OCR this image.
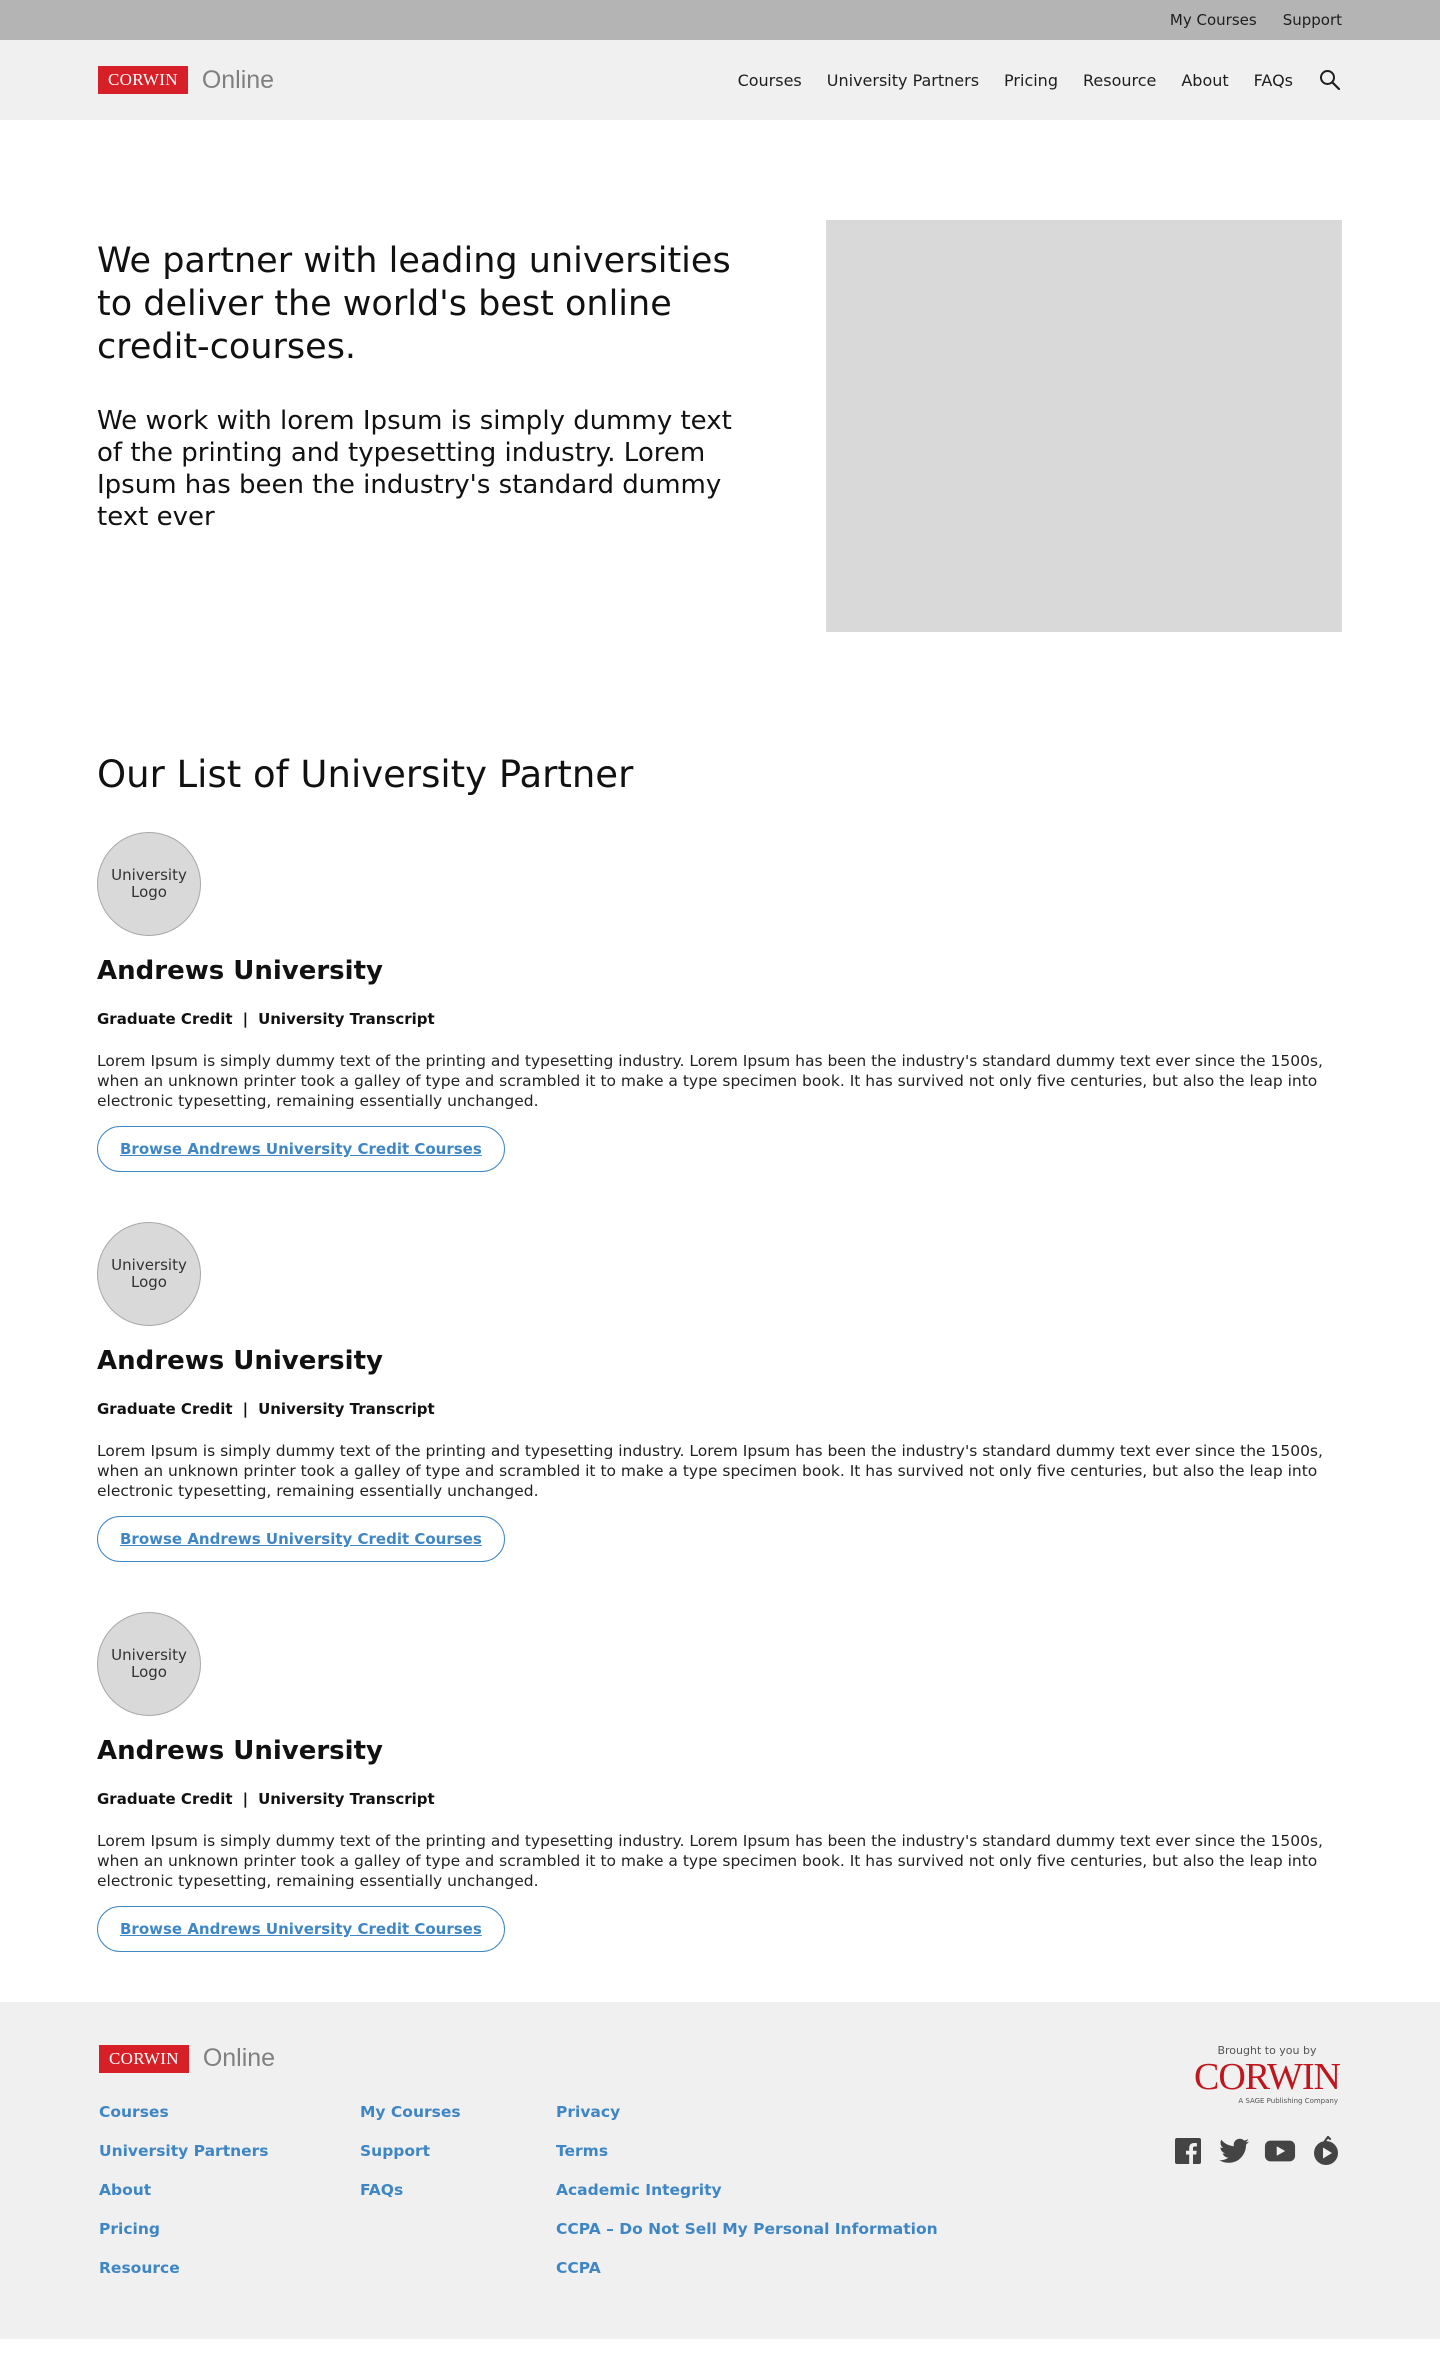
My Courses Support
CORWIN Online	Courses University Partners Pricing Resource About FAQs
We partner with leading universities to deliver the world's best online credit-courses.

We work with lorem Ipsum is simply dummy text of the printing and typesetting industry. Lorem Ipsum has been the industry's standard dummy text ever

Our List of University Partner
University Logo
Andrews University
Graduate Credit | University Transcript

Lorem Ipsum is simply dummy text of the printing and typesetting industry. Lorem Ipsum has been the industry's standard dummy text ever since the 1500s, when an unknown printer took a galley of type and scrambled it to make a type specimen book. It has survived not only five centuries, but also the leap into electronic typesetting, remaining essentially unchanged.

Browse Andrews University Credit Courses
University Logo
Andrews University
Graduate Credit | University Transcript

Lorem Ipsum is simply dummy text of the printing and typesetting industry. Lorem Ipsum has been the industry's standard dummy text ever since the 1500s, when an unknown printer took a galley of type and scrambled it to make a type specimen book. It has survived not only five centuries, but also the leap into electronic typesetting, remaining essentially unchanged.

Browse Andrews University Credit Courses
University Logo
Andrews University
Graduate Credit | University Transcript

Lorem Ipsum is simply dummy text of the printing and typesetting industry. Lorem Ipsum has been the industry's standard dummy text ever since the 1500s, when an unknown printer took a galley of type and scrambled it to make a type specimen book. It has survived not only five centuries, but also the leap into electronic typesetting, remaining essentially unchanged.

Browse Andrews University Credit Courses
CORWIN Online
Courses
University Partners
About
Pricing
Resource
My Courses
Support
FAQs
Privacy
Terms
Academic Integrity
CCPA – Do Not Sell My Personal Information
CCPA
Brought to you by
CORWIN
A SAGE Publishing Company
